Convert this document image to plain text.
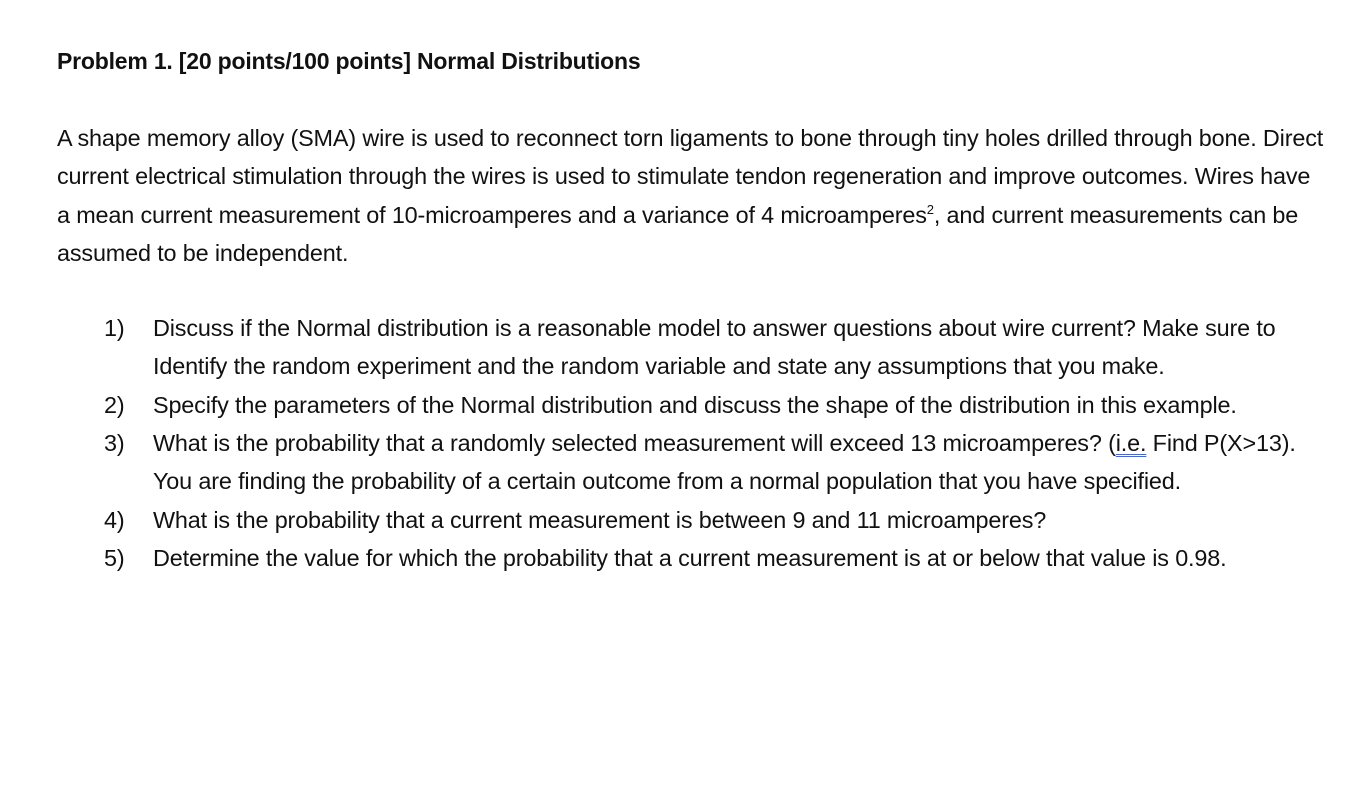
Problem 1. [20 points/100 points] Normal Distributions

A shape memory alloy (SMA) wire is used to reconnect torn ligaments to bone through tiny holes drilled through bone. Direct current electrical stimulation through the wires is used to stimulate tendon regeneration and improve outcomes. Wires have a mean current measurement of 10-microamperes and a variance of 4 microamperes$^2$, and current measurements can be assumed to be independent.

1) Discuss if the Normal distribution is a reasonable model to answer questions about wire current? Make sure to Identify the random experiment and the random variable and state any assumptions that you make.
2) Specify the parameters of the Normal distribution and discuss the shape of the distribution in this example.
3) What is the probability that a randomly selected measurement will exceed 13 microamperes? (i.e. Find P(X>13). You are finding the probability of a certain outcome from a normal population that you have specified.
4) What is the probability that a current measurement is between 9 and 11 microamperes?
5) Determine the value for which the probability that a current measurement is at or below that value is 0.98.
